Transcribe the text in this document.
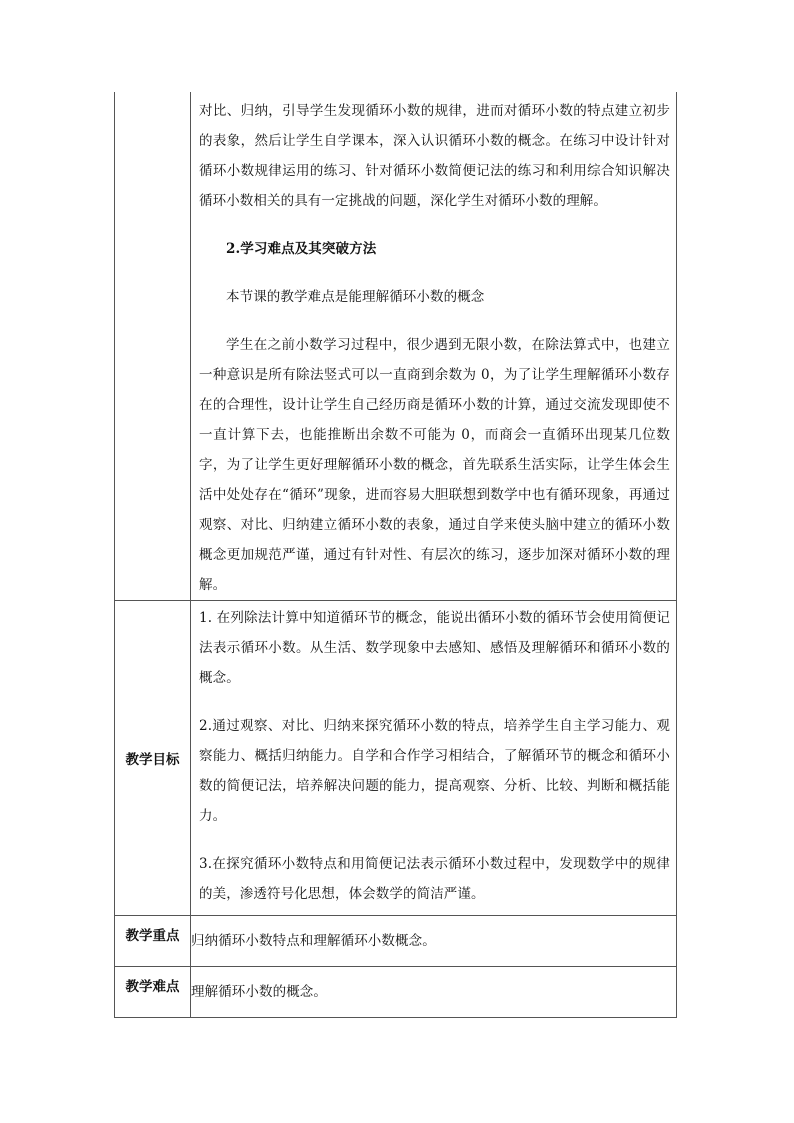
	对比、归纳，引导学生发现循环小数的规律，进而对循环小数的特点建立初步的表象，然后让学生自学课本，深入认识循环小数的概念。在练习中设计针对循环小数规律运用的练习、针对循环小数简便记法的练习和利用综合知识解决循环小数相关的具有一定挑战的问题，深化学生对循环小数的理解。

2.学习难点及其突破方法

本节课的教学难点是能理解循环小数的概念

学生在之前小数学习过程中，很少遇到无限小数，在除法算式中，也建立一种意识是所有除法竖式可以一直商到余数为 0，为了让学生理解循环小数存在的合理性，设计让学生自己经历商是循环小数的计算，通过交流发现即使不一直计算下去，也能推断出余数不可能为 0，而商会一直循环出现某几位数字，为了让学生更好理解循环小数的概念，首先联系生活实际，让学生体会生活中处处存在“循环”现象，进而容易大胆联想到数学中也有循环现象，再通过观察、对比、归纳建立循环小数的表象，通过自学来使头脑中建立的循环小数概念更加规范严谨，通过有针对性、有层次的练习，逐步加深对循环小数的理解。

教学目标	1. 在列除法计算中知道循环节的概念，能说出循环小数的循环节会使用简便记法表示循环小数。从生活、数学现象中去感知、感悟及理解循环和循环小数的概念。

2.通过观察、对比、归纳来探究循环小数的特点，培养学生自主学习能力、观察能力、概括归纳能力。自学和合作学习相结合，了解循环节的概念和循环小数的简便记法，培养解决问题的能力，提高观察、分析、比较、判断和概括能力。

3.在探究循环小数特点和用简便记法表示循环小数过程中，发现数学中的规律的美，渗透符号化思想，体会数学的简洁严谨。

教学重点	归纳循环小数特点和理解循环小数概念。
教学难点	理解循环小数的概念。
